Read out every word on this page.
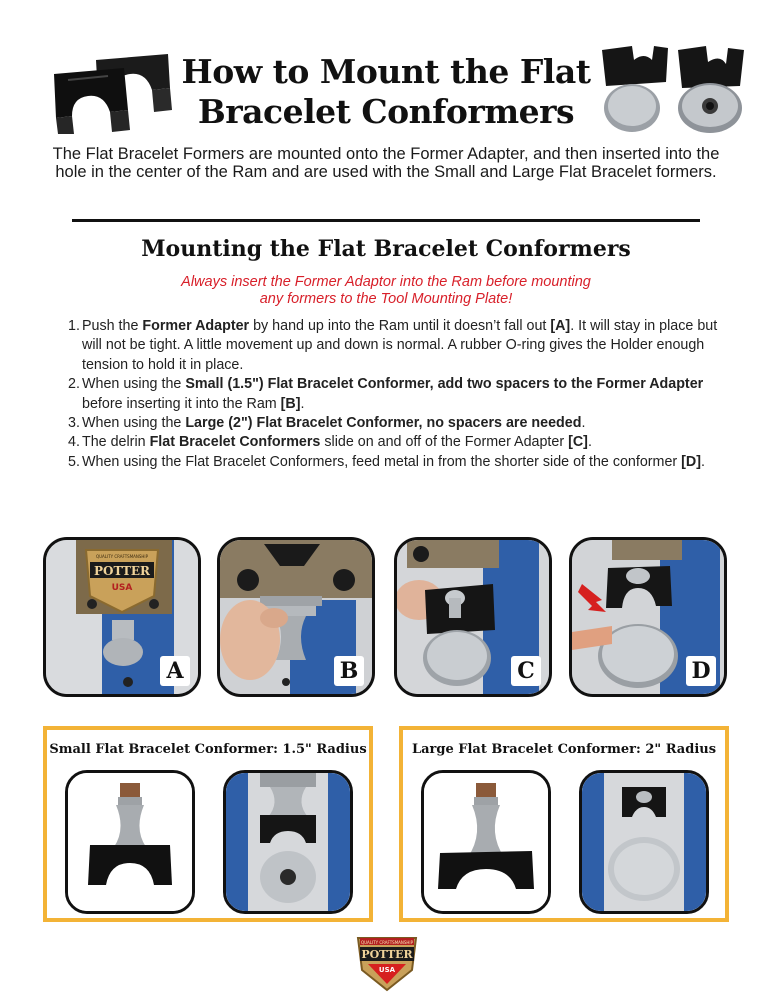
How to Mount the Flat Bracelet Conformers
The Flat Bracelet Formers are mounted onto the Former Adapter, and then inserted into the hole in the center of the Ram and are used with the Small and Large Flat Bracelet formers.
Mounting the Flat Bracelet Conformers
Always insert the Former Adaptor into the Ram before mounting
any formers to the Tool Mounting Plate!
1. Push the Former Adapter by hand up into the Ram until it doesn’t fall out [A]. It will stay in place but will not be tight. A little movement up and down is normal. A rubber O-ring gives the Holder enough tension to hold it in place.
2. When using the Small (1.5") Flat Bracelet Conformer, add two spacers to the Former Adapter before inserting it into the Ram [B].
3. When using the Large (2") Flat Bracelet Conformer, no spacers are needed.
4. The delrin Flat Bracelet Conformers slide on and off of the Former Adapter [C].
5. When using the Flat Bracelet Conformers, feed metal in from the shorter side of the conformer [D].
POTTER
USA
QUALITY CRAFTSMANSHIP
A	B	C	D
Small Flat Bracelet Conformer: 1.5" Radius	Large Flat Bracelet Conformer: 2" Radius
QUALITY CRAFTSMANSHIP
POTTER
USA
